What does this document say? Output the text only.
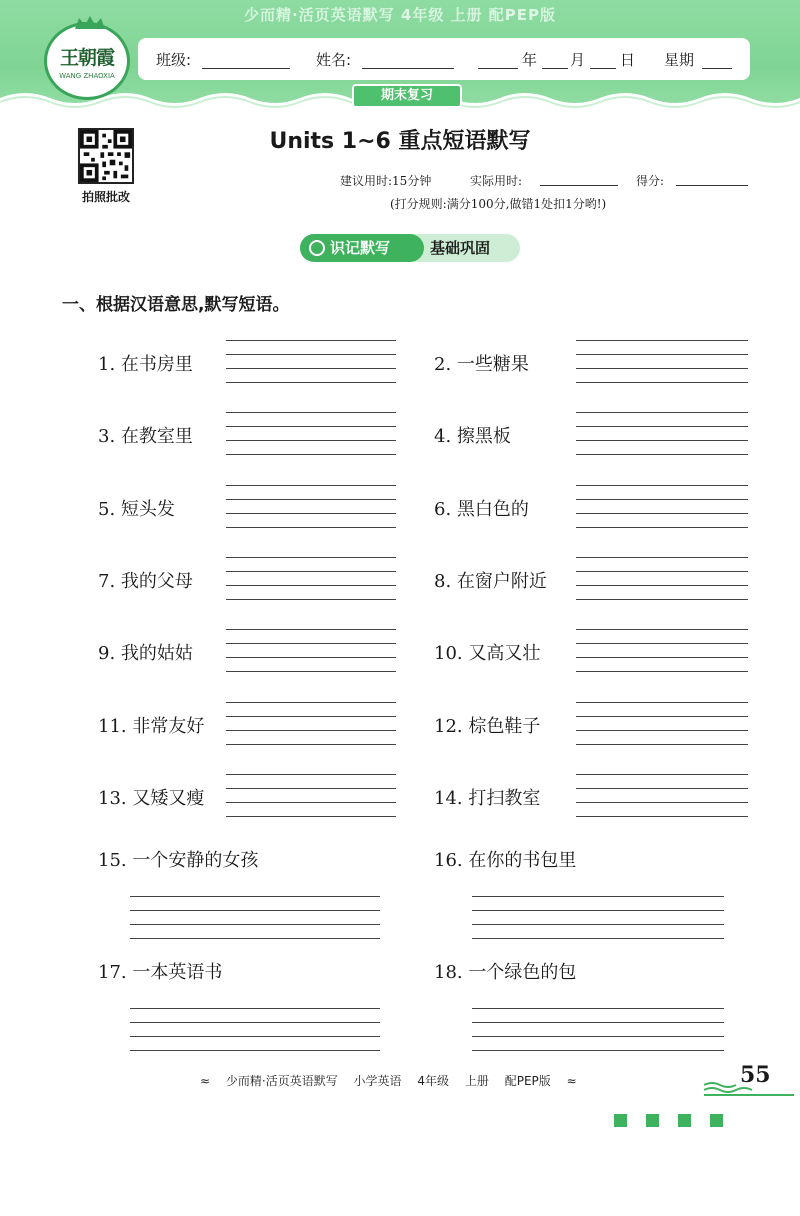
少而精·活页英语默写 4年级 上册 配PEP版
王朝霞
WANG ZHAOXIA
班级:	姓名:	年 月 日 星期
期末复习
拍照批改
Units 1~6 重点短语默写
建议用时:15分钟	实际用时:	得分:
(打分规则:满分100分,做错1处扣1分哟!)
识记默写	基础巩固
一、根据汉语意思,默写短语。
1. 在书房里	2. 一些糖果
3. 在教室里	4. 擦黑板
5. 短头发	6. 黑白色的
7. 我的父母	8. 在窗户附近
9. 我的姑姑	10. 又高又壮
11. 非常友好	12. 棕色鞋子
13. 又矮又瘦	14. 打扫教室
15. 一个安静的女孩	16. 在你的书包里
17. 一本英语书	18. 一个绿色的包
≈ 少而精·活页英语默写 小学英语 4年级 上册 配PEP版 ≈	55
